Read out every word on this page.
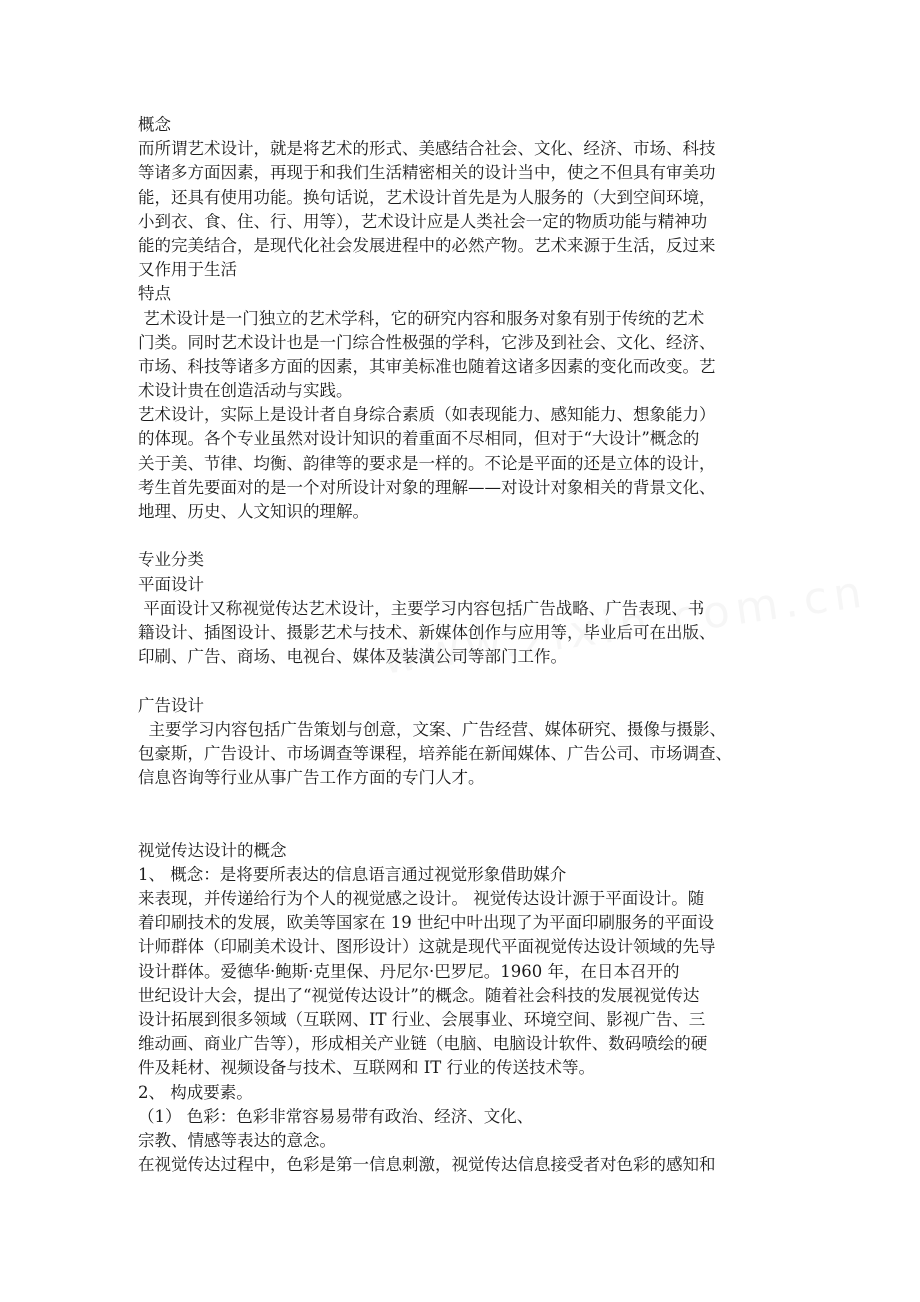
概念
而所谓艺术设计，就是将艺术的形式、美感结合社会、文化、经济、市场、科技
等诸多方面因素，再现于和我们生活精密相关的设计当中，使之不但具有审美功
能，还具有使用功能。换句话说，艺术设计首先是为人服务的（大到空间环境，
小到衣、食、住、行、用等），艺术设计应是人类社会一定的物质功能与精神功
能的完美结合，是现代化社会发展进程中的必然产物。艺术来源于生活，反过来
又作用于生活
特点
艺术设计是一门独立的艺术学科，它的研究内容和服务对象有别于传统的艺术
门类。同时艺术设计也是一门综合性极强的学科，它涉及到社会、文化、经济、
市场、科技等诸多方面的因素，其审美标准也随着这诸多因素的变化而改变。艺
术设计贵在创造活动与实践。
艺术设计，实际上是设计者自身综合素质（如表现能力、感知能力、想象能力）
的体现。各个专业虽然对设计知识的着重面不尽相同，但对于“大设计”概念的
关于美、节律、均衡、韵律等的要求是一样的。不论是平面的还是立体的设计，
考生首先要面对的是一个对所设计对象的理解——对设计对象相关的背景文化、
地理、历史、人文知识的理解。
专业分类
平面设计
平面设计又称视觉传达艺术设计，主要学习内容包括广告战略、广告表现、书
籍设计、插图设计、摄影艺术与技术、新媒体创作与应用等，毕业后可在出版、
印刷、广告、商场、电视台、媒体及装潢公司等部门工作。
广告设计
主要学习内容包括广告策划与创意，文案、广告经营、媒体研究、摄像与摄影、
包豪斯，广告设计、市场调查等课程，培养能在新闻媒体、广告公司、市场调查、
信息咨询等行业从事广告工作方面的专门人才。
视觉传达设计的概念
1、 概念：是将要所表达的信息语言通过视觉形象借助媒介
来表现，并传递给行为个人的视觉感之设计。 视觉传达设计源于平面设计。随
着印刷技术的发展，欧美等国家在 19 世纪中叶出现了为平面印刷服务的平面设
计师群体（印刷美术设计、图形设计）这就是现代平面视觉传达设计领域的先导
设计群体。爱德华·鲍斯·克里保、丹尼尔·巴罗尼。1960 年，在日本召开的
世纪设计大会，提出了“视觉传达设计”的概念。随着社会科技的发展视觉传达
设计拓展到很多领域（互联网、IT 行业、会展事业、环境空间、影视广告、三
维动画、商业广告等），形成相关产业链（电脑、电脑设计软件、数码喷绘的硬
件及耗材、视频设备与技术、互联网和 IT 行业的传送技术等。
2、 构成要素。
（1） 色彩：色彩非常容易易带有政治、经济、文化、
宗教、情感等表达的意念。
在视觉传达过程中，色彩是第一信息刺激，视觉传达信息接受者对色彩的感知和
